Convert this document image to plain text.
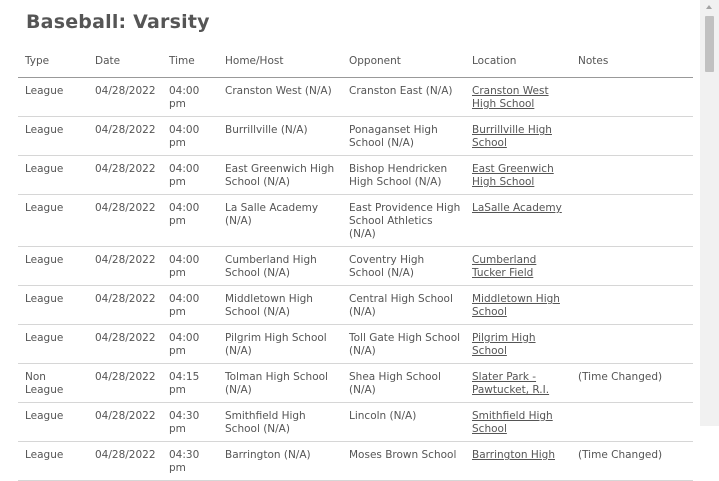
Baseball: Varsity
Type	Date	Time	Home/Host	Opponent	Location	Notes
League	04/28/2022	04:00 pm	Cranston West (N/A)	Cranston East (N/A)	Cranston West High School	
League	04/28/2022	04:00 pm	Burrillville (N/A)	Ponaganset High School (N/A)	Burrillville High School	
League	04/28/2022	04:00 pm	East Greenwich High School (N/A)	Bishop Hendricken High School (N/A)	East Greenwich High School	
League	04/28/2022	04:00 pm	La Salle Academy (N/A)	East Providence High School Athletics (N/A)	LaSalle Academy	
League	04/28/2022	04:00 pm	Cumberland High School (N/A)	Coventry High School (N/A)	Cumberland Tucker Field	
League	04/28/2022	04:00 pm	Middletown High School (N/A)	Central High School (N/A)	Middletown High School	
League	04/28/2022	04:00 pm	Pilgrim High School (N/A)	Toll Gate High School (N/A)	Pilgrim High School	
Non League	04/28/2022	04:15 pm	Tolman High School (N/A)	Shea High School (N/A)	Slater Park - Pawtucket, R.I.	(Time Changed)
League	04/28/2022	04:30 pm	Smithfield High School (N/A)	Lincoln (N/A)	Smithfield High School	
League	04/28/2022	04:30 pm	Barrington (N/A)	Moses Brown School	Barrington High	(Time Changed)
